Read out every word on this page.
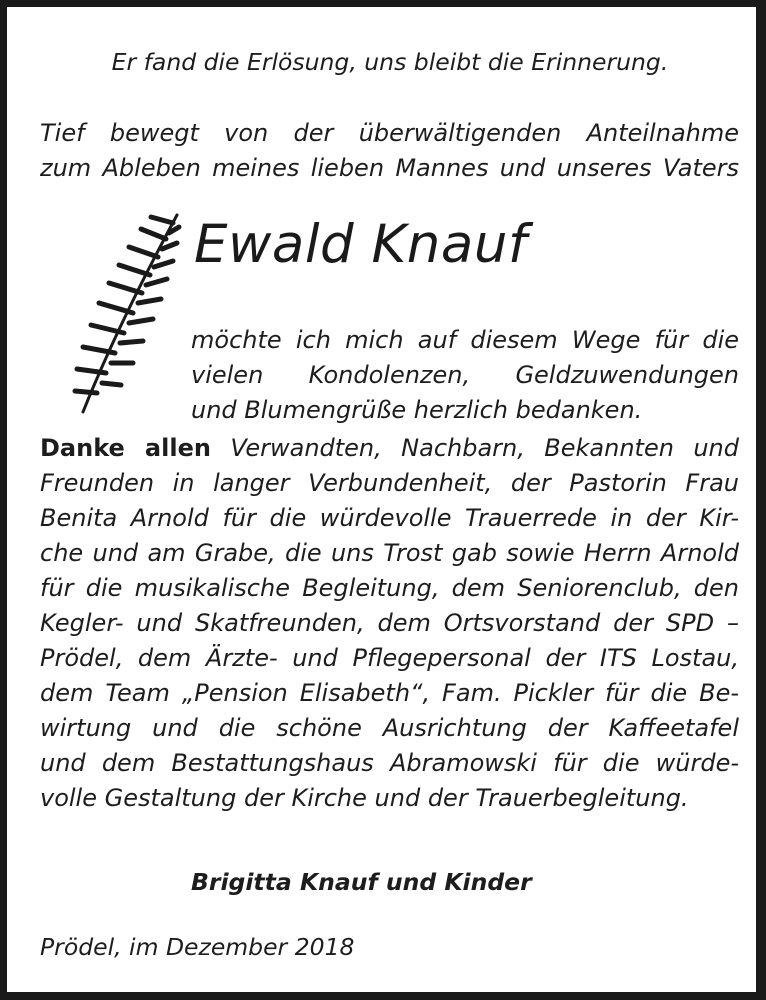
Er fand die Erlösung, uns bleibt die Erinnerung.

Tief bewegt von der überwältigenden Anteilnahme

zum Ableben meines lieben Mannes und unseres Vaters

Ewald Knauf

möchte ich mich auf diesem Wege für die

vielen Kondolenzen, Geldzuwendungen

und Blumengrüße herzlich bedanken.

Danke allen Verwandten, Nachbarn, Bekannten und

Freunden in langer Verbundenheit, der Pastorin Frau

Benita Arnold für die würdevolle Trauerrede in der Kir-

che und am Grabe, die uns Trost gab sowie Herrn Arnold

für die musikalische Begleitung, dem Seniorenclub, den

Kegler- und Skatfreunden, dem Ortsvorstand der SPD –

Prödel, dem Ärzte- und Pflegepersonal der ITS Lostau,

dem Team „Pension Elisabeth“, Fam. Pickler für die Be-

wirtung und die schöne Ausrichtung der Kaffeetafel

und dem Bestattungshaus Abramowski für die würde-

volle Gestaltung der Kirche und der Trauerbegleitung.

Brigitta Knauf und Kinder

Prödel, im Dezember 2018
